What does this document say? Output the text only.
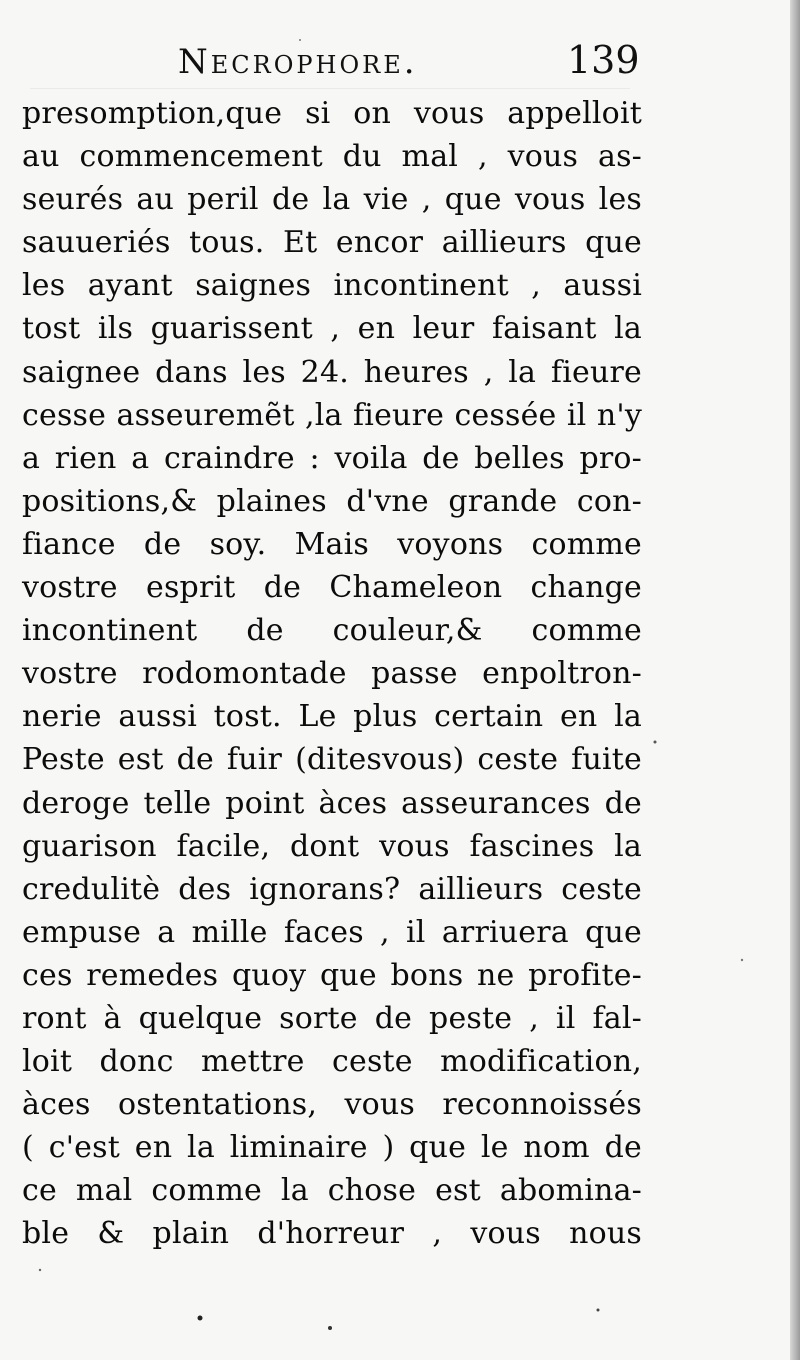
Necrophore.	139
presomption,que si on vous appelloit
au commencement du mal , vous as-
seurés au peril de la vie , que vous les
sauueriés tous. Et encor aillieurs que
les ayant saignes incontinent , aussi
tost ils guarissent , en leur faisant la
saignee dans les 24. heures , la fieure
cesse asseuremẽt ,la fieure cessée il n'y
a rien a craindre : voila de belles pro-
positions,& plaines d'vne grande con-
fiance de soy. Mais voyons comme
vostre esprit de Chameleon change
incontinent de couleur,& comme
vostre rodomontade passe enpoltron-
nerie aussi tost. Le plus certain en la
Peste est de fuir (ditesvous) ceste fuite
deroge telle point àces asseurances de
guarison facile, dont vous fascines la
credulitè des ignorans? aillieurs ceste
empuse a mille faces , il arriuera que
ces remedes quoy que bons ne profite-
ront à quelque sorte de peste , il fal-
loit donc mettre ceste modification,
àces ostentations, vous reconnoissés
( c'est en la liminaire ) que le nom de
ce mal comme la chose est abomina-
ble & plain d'horreur , vous nous
